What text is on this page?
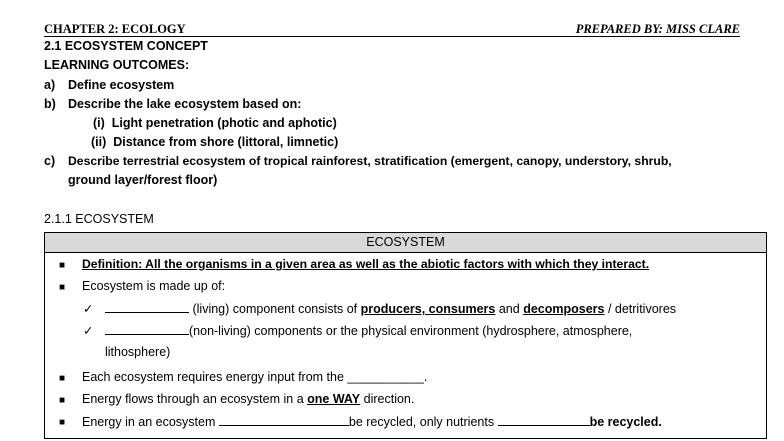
CHAPTER 2: ECOLOGY	PREPARED BY: MISS CLARE
2.1 ECOSYSTEM CONCEPT
LEARNING OUTCOMES:
a) Define ecosystem
b) Describe the lake ecosystem based on:
(i)  Light penetration (photic and aphotic)
(ii)  Distance from shore (littoral, limnetic)
c) Describe terrestrial ecosystem of tropical rainforest, stratification (emergent, canopy, understory, shrub,
ground layer/forest floor)
2.1.1 ECOSYSTEM
ECOSYSTEM
■ Definition: All the organisms in a given area as well as the abiotic factors with which they interact.
■ Ecosystem is made up of:
✓	(living) component consists of producers, consumers and decomposers / detritivores
✓	(non-living) components or the physical environment (hydrosphere, atmosphere,
lithosphere)
■ Each ecosystem requires energy input from the ___________.
■ Energy flows through an ecosystem in a one WAY direction.
■ Energy in an ecosystem	be recycled, only nutrients	be recycled.
